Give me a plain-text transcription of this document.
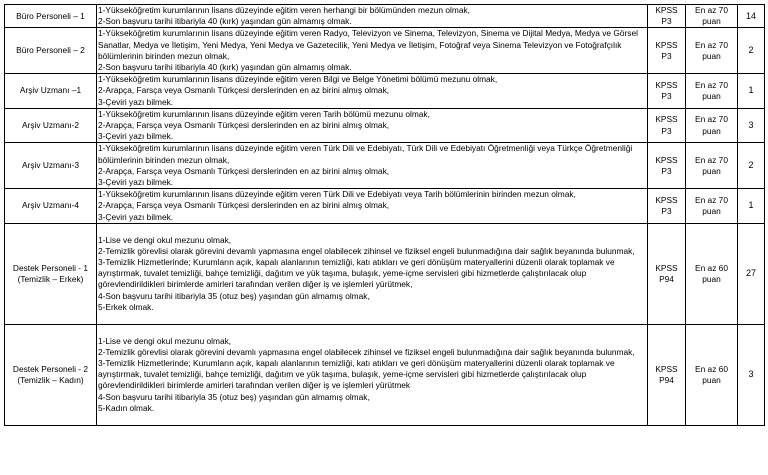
Büro Personeli – 1	1-Yükseköğretim kurumlarının lisans düzeyinde eğitim veren herhangi bir bölümünden mezun olmak,
2-Son başvuru tarihi itibariyla 40 (kırk) yaşından gün almamış olmak.	KPSS
P3	En az 70
puan	14

Büro Personeli – 2	1-Yükseköğretim kurumlarının lisans düzeyinde eğitim veren Radyo, Televizyon ve Sinema, Televizyon, Sinema ve Dijital Medya, Medya ve Görsel Sanatlar, Medya ve İletişim, Yeni Medya, Yeni Medya ve Gazetecilik, Yeni Medya ve İletişim, Fotoğraf veya Sinema Televizyon ve Fotoğrafçılık bölümlerinin birinden mezun olmak,
2-Son başvuru tarihi itibariyla 40 (kırk) yaşından gün almamış olmak.	KPSS
P3	En az 70
puan	2

Arşiv Uzmanı –1	1-Yükseköğretim kurumlarının lisans düzeyinde eğitim veren Bilgi ve Belge Yönetimi bölümü mezunu olmak,
2-Arapça, Farsça veya Osmanlı Türkçesi derslerinden en az birini almış olmak,
3-Çeviri yazı bilmek.	KPSS
P3	En az 70
puan	1

Arşiv Uzmanı-2	1-Yükseköğretim kurumlarının lisans düzeyinde eğitim veren Tarih bölümü mezunu olmak,
2-Arapça, Farsça veya Osmanlı Türkçesi derslerinden en az birini almış olmak,
3-Çeviri yazı bilmek.	KPSS
P3	En az 70
puan	3

Arşiv Uzmanı-3	1-Yükseköğretim kurumlarının lisans düzeyinde eğitim veren Türk Dili ve Edebiyatı, Türk Dili ve Edebiyatı Öğretmenliği veya Türkçe Öğretmenliği bölümlerinin birinden mezun olmak,
2-Arapça, Farsça veya Osmanlı Türkçesi derslerinden en az birini almış olmak,
3-Çeviri yazı bilmek.	KPSS
P3	En az 70
puan	2

Arşiv Uzmanı-4	1-Yükseköğretim kurumlarının lisans düzeyinde eğitim veren Türk Dili ve Edebiyatı veya Tarih bölümlerinin birinden mezun olmak,
2-Arapça, Farsça veya Osmanlı Türkçesi derslerinden en az birini almış olmak,
3-Çeviri yazı bilmek.	KPSS
P3	En az 70
puan	1

Destek Personeli - 1
(Temizlik – Erkek)	1-Lise ve dengi okul mezunu olmak,
2-Temizlik görevlisi olarak görevini devamlı yapmasına engel olabilecek zihinsel ve fiziksel engeli bulunmadığına dair sağlık beyanında bulunmak,
3-Temizlik Hizmetlerinde; Kurumların açık, kapalı alanlarının temizliği, katı atıkları ve geri dönüşüm materyallerini düzenli olarak toplamak ve ayrıştırmak, tuvalet temizliği, bahçe temizliği, dağıtım ve yük taşıma, bulaşık, yeme-içme servisleri gibi hizmetlerde çalıştırılacak olup görevlendirildikleri birimlerde amirleri tarafından verilen diğer iş ve işlemleri yürütmek,
4-Son başvuru tarihi itibariyla 35 (otuz beş) yaşından gün almamış olmak,
5-Erkek olmak.	KPSS
P94	En az 60
puan	27

Destek Personeli - 2
(Temizlik – Kadın)	1-Lise ve dengi okul mezunu olmak,
2-Temizlik görevlisi olarak görevini devamlı yapmasına engel olabilecek zihinsel ve fiziksel engeli bulunmadığına dair sağlık beyanında bulunmak,
3-Temizlik Hizmetlerinde; Kurumların açık, kapalı alanlarının temizliği, katı atıkları ve geri dönüşüm materyallerini düzenli olarak toplamak ve ayrıştırmak, tuvalet temizliği, bahçe temizliği, dağıtım ve yük taşıma, bulaşık, yeme-içme servisleri gibi hizmetlerde çalıştırılacak olup görevlendirildikleri birimlerde amirleri tarafından verilen diğer iş ve işlemleri yürütmek
4-Son başvuru tarihi itibariyla 35 (otuz beş) yaşından gün almamış olmak,
5-Kadın olmak.	KPSS
P94	En az 60
puan	3
